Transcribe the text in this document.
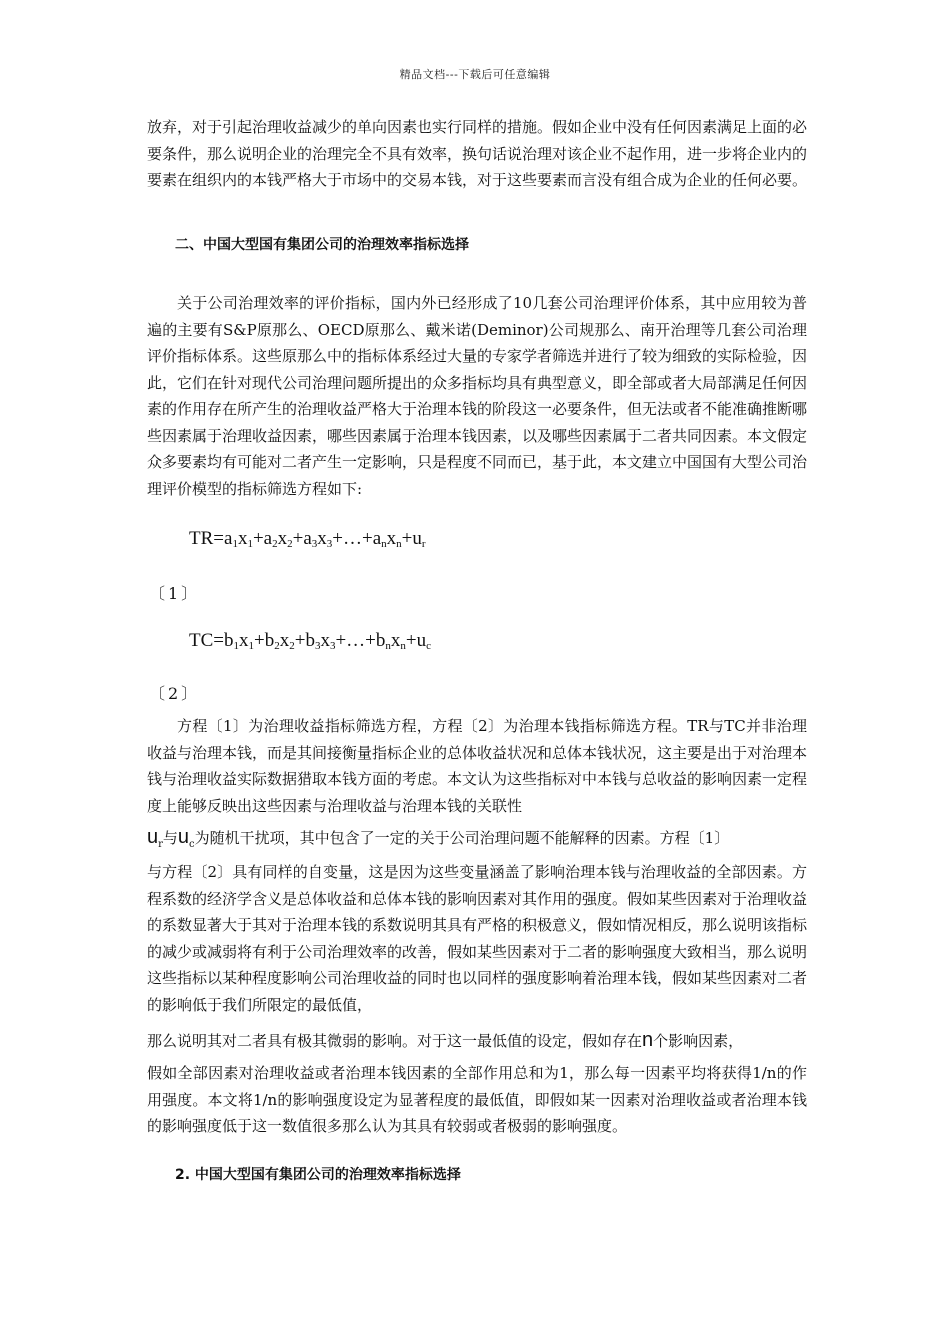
精品文档---下载后可任意编辑

放弃，对于引起治理收益减少的单向因素也实行同样的措施。假如企业中没有任何因素满足上面的必要条件，那么说明企业的治理完全不具有效率，换句话说治理对该企业不起作用，进一步将企业内的要素在组织内的本钱严格大于市场中的交易本钱，对于这些要素而言没有组合成为企业的任何必要。

二、中国大型国有集团公司的治理效率指标选择

关于公司治理效率的评价指标，国内外已经形成了10几套公司治理评价体系，其中应用较为普遍的主要有S&P原那么、OECD原那么、戴米诺(Deminor)公司规那么、南开治理等几套公司治理评价指标体系。这些原那么中的指标体系经过大量的专家学者筛选并进行了较为细致的实际检验，因此，它们在针对现代公司治理问题所提出的众多指标均具有典型意义，即全部或者大局部满足任何因素的作用存在所产生的治理收益严格大于治理本钱的阶段这一必要条件，但无法或者不能准确推断哪些因素属于治理收益因素，哪些因素属于治理本钱因素，以及哪些因素属于二者共同因素。本文假定众多要素均有可能对二者产生一定影响，只是程度不同而已，基于此，本文建立中国国有大型公司治理评价模型的指标筛选方程如下:

$TR=a_1x_1+a_2x_2+a_3x_3+\dots+a_nx_n+u_r$
〔1〕
$TC=b_1x_1+b_2x_2+b_3x_3+\dots+b_nx_n+u_c$
〔2〕

方程〔1〕为治理收益指标筛选方程，方程〔2〕为治理本钱指标筛选方程。TR与TC并非治理收益与治理本钱，而是其间接衡量指标企业的总体收益状况和总体本钱状况，这主要是出于对治理本钱与治理收益实际数据猎取本钱方面的考虑。本文认为这些指标对中本钱与总收益的影响因素一定程度上能够反映出这些因素与治理收益与治理本钱的关联性

$u_r$与$u_c$为随机干扰项，其中包含了一定的关于公司治理问题不能解释的因素。方程〔1〕

与方程〔2〕具有同样的自变量，这是因为这些变量涵盖了影响治理本钱与治理收益的全部因素。方程系数的经济学含义是总体收益和总体本钱的影响因素对其作用的强度。假如某些因素对于治理收益的系数显著大于其对于治理本钱的系数说明其具有严格的积极意义，假如情况相反，那么说明该指标的减少或减弱将有利于公司治理效率的改善，假如某些因素对于二者的影响强度大致相当，那么说明这些指标以某种程度影响公司治理收益的同时也以同样的强度影响着治理本钱，假如某些因素对二者的影响低于我们所限定的最低值，

那么说明其对二者具有极其微弱的影响。对于这一最低值的设定，假如存在n个影响因素，

假如全部因素对治理收益或者治理本钱因素的全部作用总和为1，那么每一因素平均将获得1/n的作用强度。本文将1/n的影响强度设定为显著程度的最低值，即假如某一因素对治理收益或者治理本钱的影响强度低于这一数值很多那么认为其具有较弱或者极弱的影响强度。

2. 中国大型国有集团公司的治理效率指标选择
